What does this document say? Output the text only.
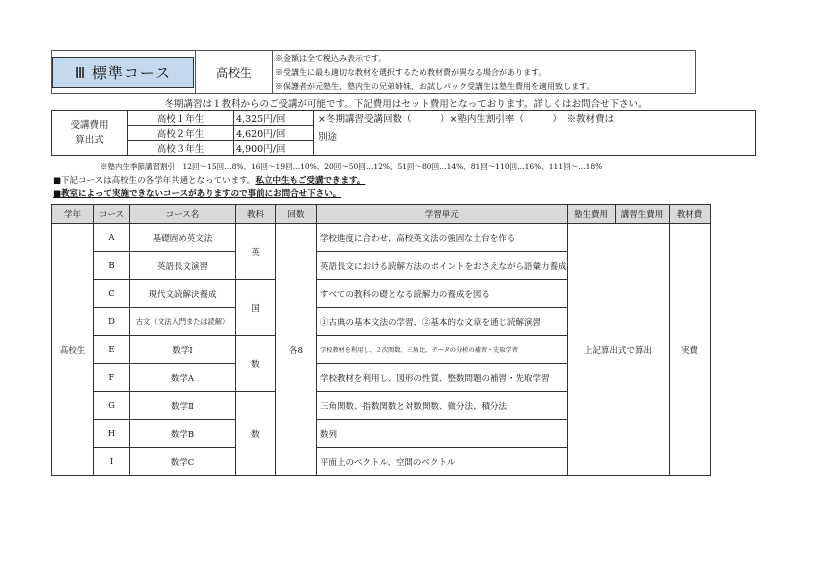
Ⅲ 標準コース	高校生
※金額は全て税込み表示です。
※受講生に最も適切な教材を選択するため教材費が異なる場合があります。
※保護者が元塾生、塾内生の兄弟姉妹、お試しパック受講生は塾生費用を適用致します。
冬期講習は１教科からのご受講が可能です。下記費用はセット費用となっております。詳しくはお問合せ下さい。
受講費用
算出式	高校１年生	4,325円/回	×冬期講習受講回数（　　　）×塾内生割引率（　　　）　※教材費は
別途
	高校２年生	4,620円/回	
	高校３年生	4,900円/回	
※塾内生季節講習割引　12回～15回…8%、16回～19回…10%、20回～50回…12%、51回～80回…14%、81回～110回…16%、111回～…18%
■下記コースは高校生の各学年共通となっています。私立中生もご受講できます。
■教室によって実施できないコースがありますので事前にお問合せ下さい。
学年	コース	コース名	教科	回数	学習単元	塾生費用	講習生費用	教材費
高校生	A	基礎固め英文法	英	各8	学校進度に合わせ、高校英文法の強固な土台を作る	上記算出式で算出		実費
	B	英語長文演習			英語長文における読解方法のポイントをおさえながら語彙力養成			
	C	現代文読解決養成	国		すべての教科の礎となる読解力の養成を図る			
	D	古文（文法入門または読解）			①古典の基本文法の学習、②基本的な文章を通じ読解演習			
	E	数学Ⅰ	数		学校教材を利用し、２次関数、三角比、データの分析の補習・先取学習			
	F	数学A			学校教材を利用し、図形の性質、整数問題の補習・先取学習			
	G	数学Ⅱ	数		三角関数、指数関数と対数関数、微分法、積分法			
	H	数学B			数列			
	I	数学C			平面上のベクトル、空間のベクトル			
